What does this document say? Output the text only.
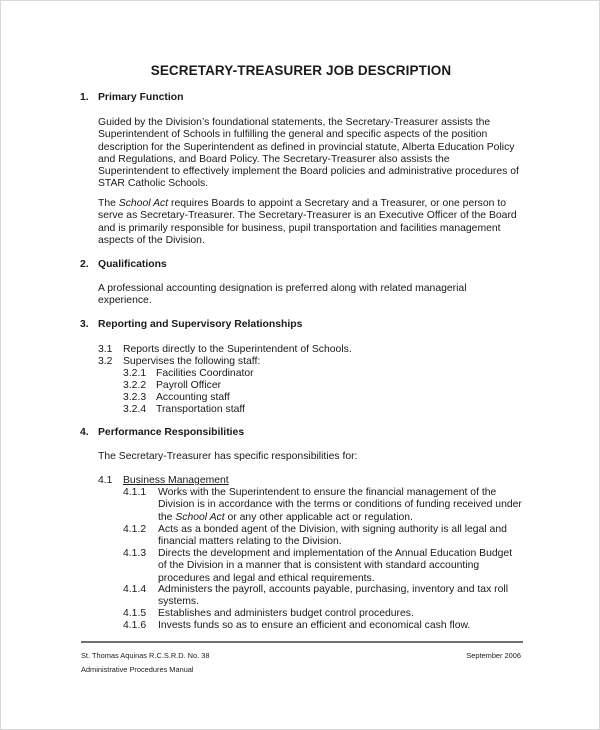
SECRETARY-TREASURER JOB DESCRIPTION
1. Primary Function
Guided by the Division’s foundational statements, the Secretary-Treasurer assists the
Superintendent of Schools in fulfilling the general and specific aspects of the position
description for the Superintendent as defined in provincial statute, Alberta Education Policy
and Regulations, and Board Policy. The Secretary-Treasurer also assists the
Superintendent to effectively implement the Board policies and administrative procedures of
STAR Catholic Schools.
The School Act requires Boards to appoint a Secretary and a Treasurer, or one person to
serve as Secretary-Treasurer. The Secretary-Treasurer is an Executive Officer of the Board
and is primarily responsible for business, pupil transportation and facilities management
aspects of the Division.
2. Qualifications
A professional accounting designation is preferred along with related managerial
experience.
3. Reporting and Supervisory Relationships
3.1 Reports directly to the Superintendent of Schools.
3.2 Supervises the following staff:
3.2.1 Facilities Coordinator
3.2.2 Payroll Officer
3.2.3 Accounting staff
3.2.4 Transportation staff
4. Performance Responsibilities
The Secretary-Treasurer has specific responsibilities for:
4.1 Business Management
4.1.1 Works with the Superintendent to ensure the financial management of the
Division is in accordance with the terms or conditions of funding received under
the School Act or any other applicable act or regulation.
4.1.2 Acts as a bonded agent of the Division, with signing authority is all legal and
financial matters relating to the Division.
4.1.3 Directs the development and implementation of the Annual Education Budget
of the Division in a manner that is consistent with standard accounting
procedures and legal and ethical requirements.
4.1.4 Administers the payroll, accounts payable, purchasing, inventory and tax roll
systems.
4.1.5 Establishes and administers budget control procedures.
4.1.6 Invests funds so as to ensure an efficient and economical cash flow.
St. Thomas Aquinas R.C.S.R.D. No. 38
Administrative Procedures Manual
September 2006
